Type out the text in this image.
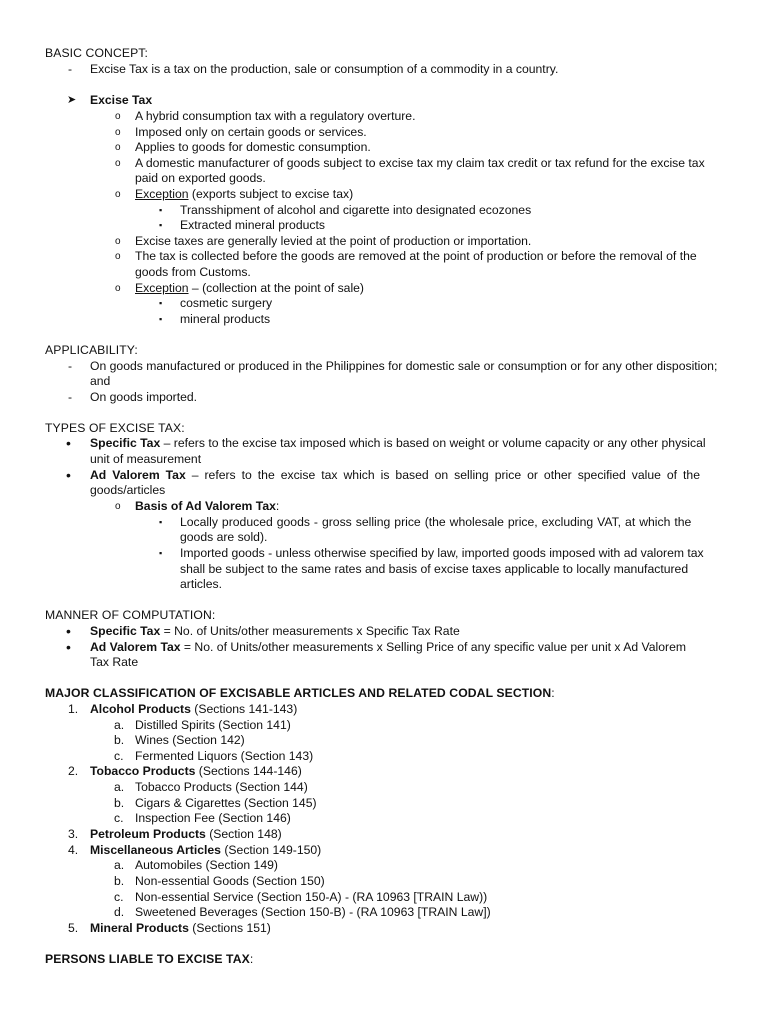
BASIC CONCEPT:
- Excise Tax is a tax on the production, sale or consumption of a commodity in a country.
➤ Excise Tax
o A hybrid consumption tax with a regulatory overture.
o Imposed only on certain goods or services.
o Applies to goods for domestic consumption.
o A domestic manufacturer of goods subject to excise tax my claim tax credit or tax refund for the excise tax
paid on exported goods.
o Exception (exports subject to excise tax)
▪ Transshipment of alcohol and cigarette into designated ecozones
▪ Extracted mineral products
o Excise taxes are generally levied at the point of production or importation.
o The tax is collected before the goods are removed at the point of production or before the removal of the
goods from Customs.
o Exception – (collection at the point of sale)
▪ cosmetic surgery
▪ mineral products
APPLICABILITY:
- On goods manufactured or produced in the Philippines for domestic sale or consumption or for any other disposition;
and
- On goods imported.
TYPES OF EXCISE TAX:
• Specific Tax – refers to the excise tax imposed which is based on weight or volume capacity or any other physical
unit of measurement
• Ad Valorem Tax – refers to the excise tax which is based on selling price or other specified value of the
goods/articles
o Basis of Ad Valorem Tax:
▪ Locally produced goods - gross selling price (the wholesale price, excluding VAT, at which the
goods are sold).
▪ Imported goods - unless otherwise specified by law, imported goods imposed with ad valorem tax
shall be subject to the same rates and basis of excise taxes applicable to locally manufactured
articles.
MANNER OF COMPUTATION:
• Specific Tax = No. of Units/other measurements x Specific Tax Rate
• Ad Valorem Tax = No. of Units/other measurements x Selling Price of any specific value per unit x Ad Valorem
Tax Rate
MAJOR CLASSIFICATION OF EXCISABLE ARTICLES AND RELATED CODAL SECTION:
1. Alcohol Products (Sections 141-143)
a. Distilled Spirits (Section 141)
b. Wines (Section 142)
c. Fermented Liquors (Section 143)
2. Tobacco Products (Sections 144-146)
a. Tobacco Products (Section 144)
b. Cigars & Cigarettes (Section 145)
c. Inspection Fee (Section 146)
3. Petroleum Products (Section 148)
4. Miscellaneous Articles (Section 149-150)
a. Automobiles (Section 149)
b. Non-essential Goods (Section 150)
c. Non-essential Service (Section 150-A) - (RA 10963 [TRAIN Law))
d. Sweetened Beverages (Section 150-B) - (RA 10963 [TRAIN Law])
5. Mineral Products (Sections 151)
PERSONS LIABLE TO EXCISE TAX:
